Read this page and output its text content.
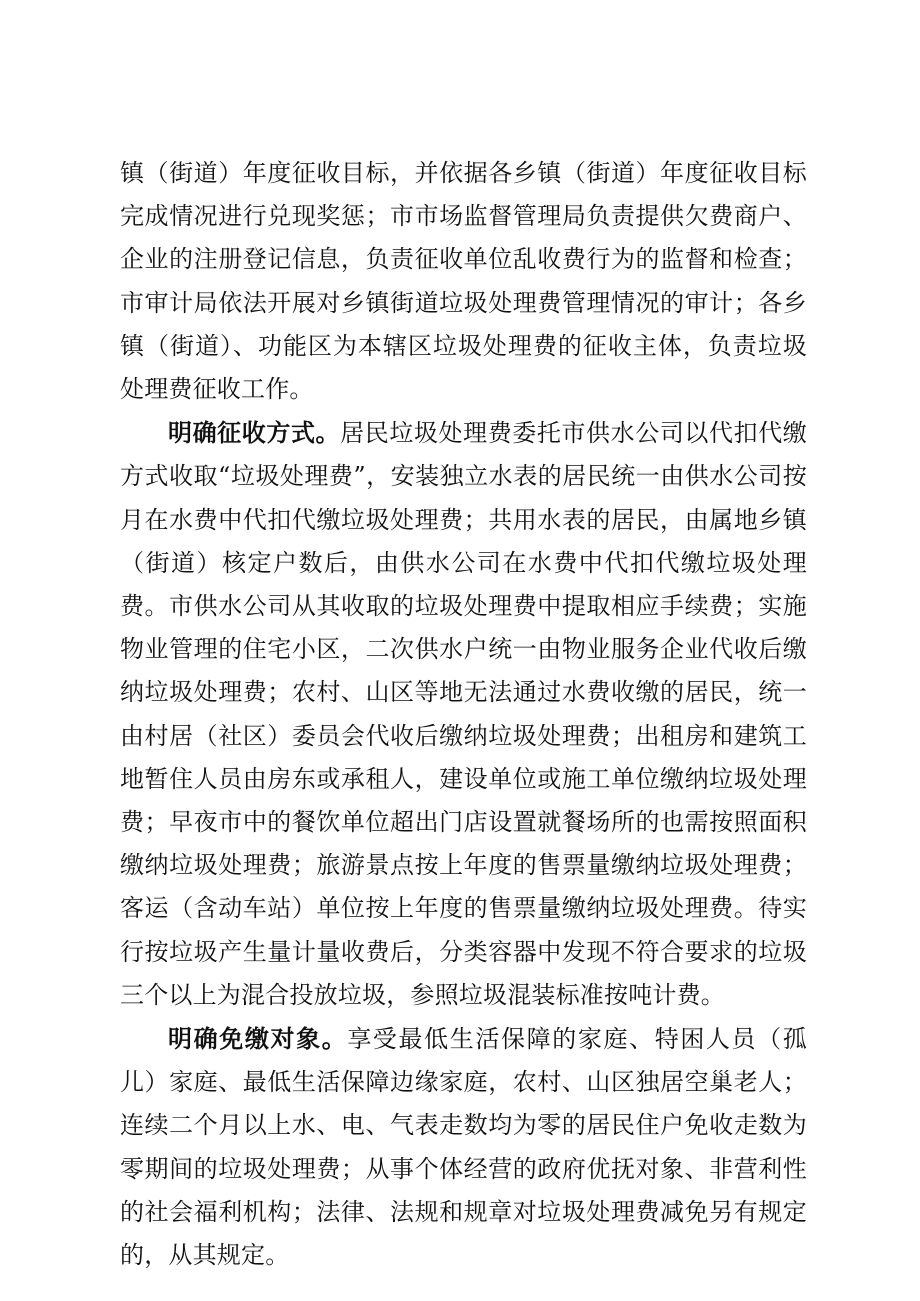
镇（街道）年度征收目标，并依据各乡镇（街道）年度征收目标完成情况进行兑现奖惩；市市场监督管理局负责提供欠费商户、企业的注册登记信息，负责征收单位乱收费行为的监督和检查；市审计局依法开展对乡镇街道垃圾处理费管理情况的审计；各乡镇（街道）、功能区为本辖区垃圾处理费的征收主体，负责垃圾处理费征收工作。

明确征收方式。居民垃圾处理费委托市供水公司以代扣代缴方式收取“垃圾处理费”，安装独立水表的居民统一由供水公司按月在水费中代扣代缴垃圾处理费；共用水表的居民，由属地乡镇（街道）核定户数后，由供水公司在水费中代扣代缴垃圾处理费。市供水公司从其收取的垃圾处理费中提取相应手续费；实施物业管理的住宅小区，二次供水户统一由物业服务企业代收后缴纳垃圾处理费；农村、山区等地无法通过水费收缴的居民，统一由村居（社区）委员会代收后缴纳垃圾处理费；出租房和建筑工地暂住人员由房东或承租人，建设单位或施工单位缴纳垃圾处理费；早夜市中的餐饮单位超出门店设置就餐场所的也需按照面积缴纳垃圾处理费；旅游景点按上年度的售票量缴纳垃圾处理费；客运（含动车站）单位按上年度的售票量缴纳垃圾处理费。待实行按垃圾产生量计量收费后，分类容器中发现不符合要求的垃圾三个以上为混合投放垃圾，参照垃圾混装标准按吨计费。

明确免缴对象。享受最低生活保障的家庭、特困人员（孤儿）家庭、最低生活保障边缘家庭，农村、山区独居空巢老人；连续二个月以上水、电、气表走数均为零的居民住户免收走数为零期间的垃圾处理费；从事个体经营的政府优抚对象、非营利性的社会福利机构；法律、法规和规章对垃圾处理费减免另有规定的，从其规定。
